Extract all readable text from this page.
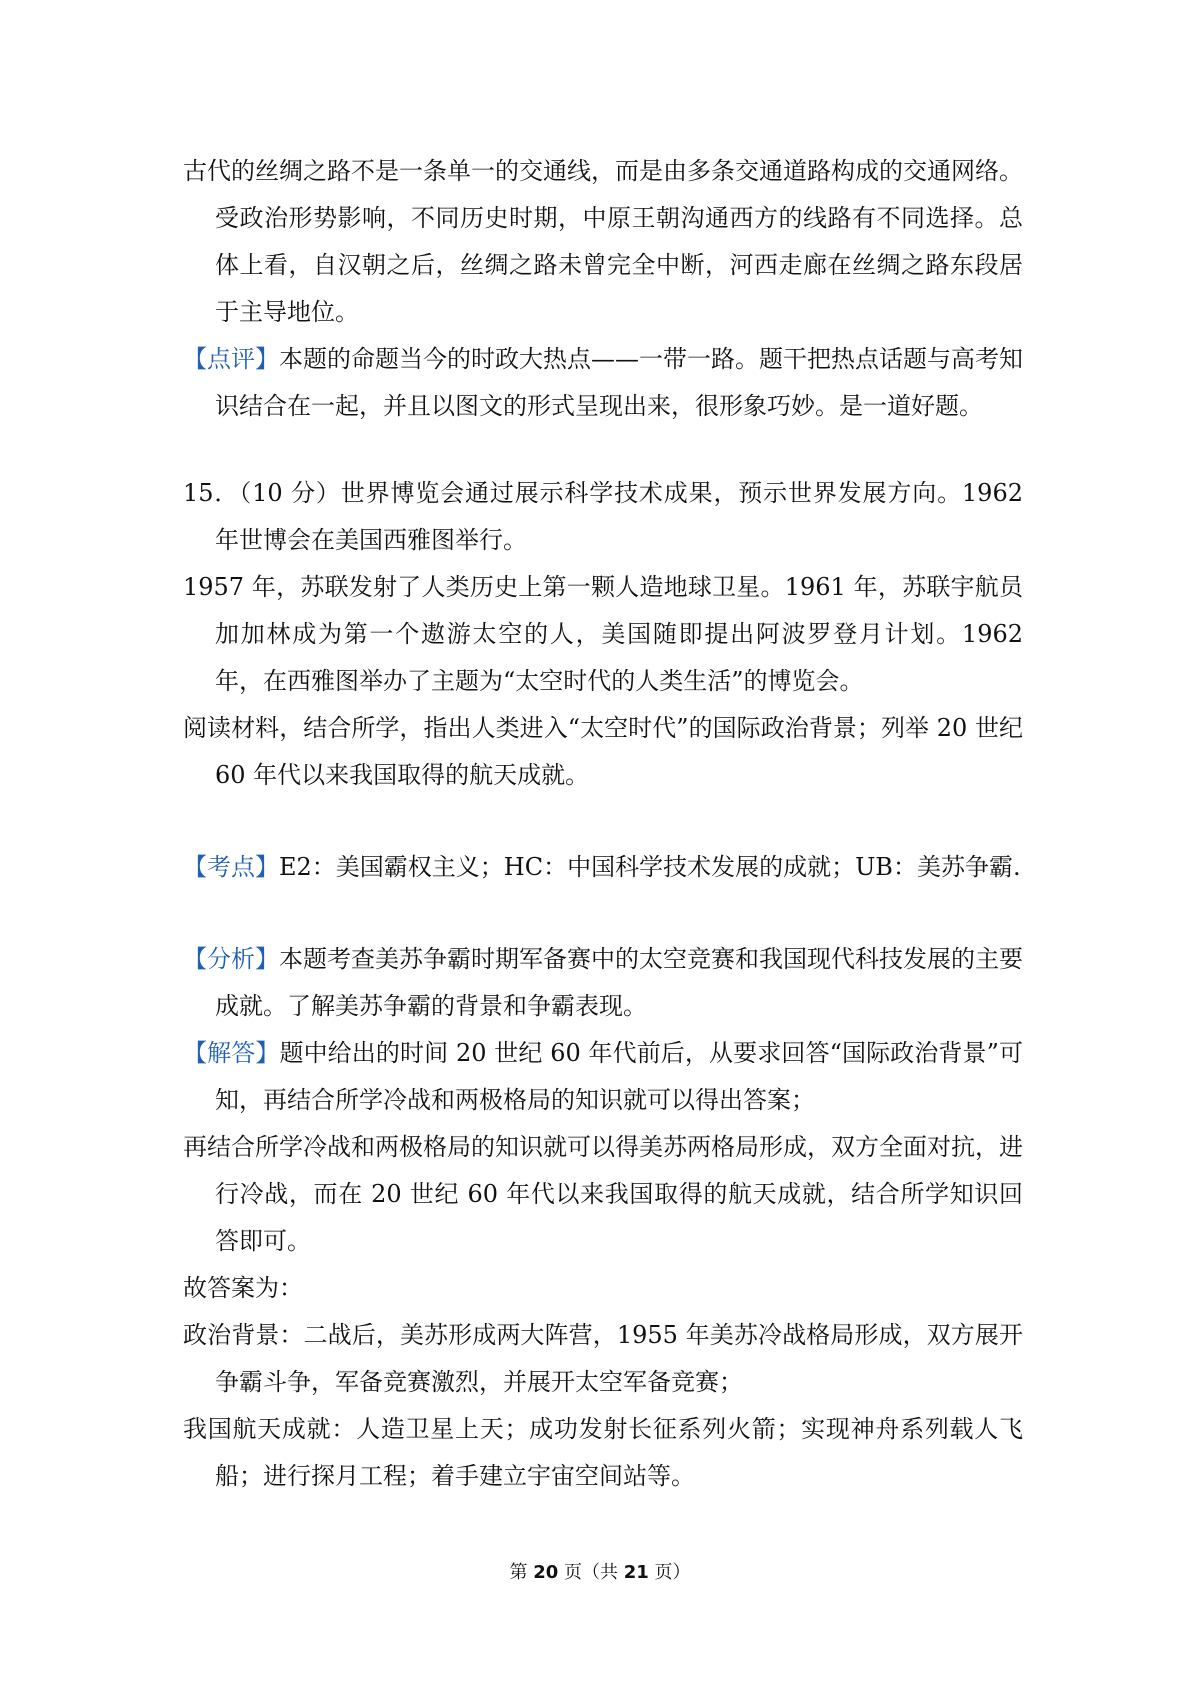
古代的丝绸之路不是一条单一的交通线，而是由多条交通道路构成的交通网络。受政治形势影响，不同历史时期，中原王朝沟通西方的线路有不同选择。总体上看，自汉朝之后，丝绸之路未曾完全中断，河西走廊在丝绸之路东段居于主导地位。

【点评】本题的命题当今的时政大热点——一带一路。题干把热点话题与高考知识结合在一起，并且以图文的形式呈现出来，很形象巧妙。是一道好题。

15．（10 分）世界博览会通过展示科学技术成果，预示世界发展方向。1962 年世博会在美国西雅图举行。

1957 年，苏联发射了人类历史上第一颗人造地球卫星。1961 年，苏联宇航员加加林成为第一个遨游太空的人，美国随即提出阿波罗登月计划。1962 年，在西雅图举办了主题为“太空时代的人类生活”的博览会。

阅读材料，结合所学，指出人类进入“太空时代”的国际政治背景；列举 20 世纪 60 年代以来我国取得的航天成就。

【考点】E2：美国霸权主义；HC：中国科学技术发展的成就；UB：美苏争霸.

【分析】本题考查美苏争霸时期军备赛中的太空竞赛和我国现代科技发展的主要成就。了解美苏争霸的背景和争霸表现。

【解答】题中给出的时间 20 世纪 60 年代前后，从要求回答“国际政治背景”可知，再结合所学冷战和两极格局的知识就可以得出答案；

再结合所学冷战和两极格局的知识就可以得美苏两格局形成，双方全面对抗，进行冷战，而在 20 世纪 60 年代以来我国取得的航天成就，结合所学知识回答即可。

故答案为：

政治背景：二战后，美苏形成两大阵营，1955 年美苏冷战格局形成，双方展开争霸斗争，军备竞赛激烈，并展开太空军备竞赛；

我国航天成就：人造卫星上天；成功发射长征系列火箭；实现神舟系列载人飞船；进行探月工程；着手建立宇宙空间站等。

第 20 页（共 21 页）
